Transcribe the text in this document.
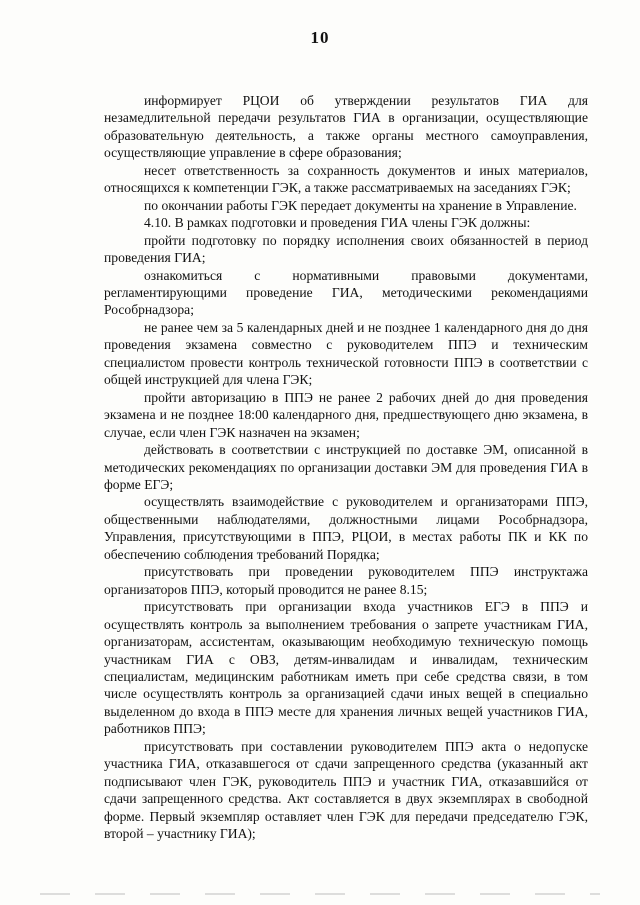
10

информирует РЦОИ об утверждении результатов ГИА для незамедлительной передачи результатов ГИА в организации, осуществляющие образовательную деятельность, а также органы местного самоуправления, осуществляющие управление в сфере образования;

несет ответственность за сохранность документов и иных материалов, относящихся к компетенции ГЭК, а также рассматриваемых на заседаниях ГЭК;

по окончании работы ГЭК передает документы на хранение в Управление.

4.10. В рамках подготовки и проведения ГИА члены ГЭК должны:

пройти подготовку по порядку исполнения своих обязанностей в период проведения ГИА;

ознакомиться с нормативными правовыми документами, регламентирующими проведение ГИА, методическими рекомендациями Рособрнадзора;

не ранее чем за 5 календарных дней и не позднее 1 календарного дня до дня проведения экзамена совместно с руководителем ППЭ и техническим специалистом провести контроль технической готовности ППЭ в соответствии с общей инструкцией для члена ГЭК;

пройти авторизацию в ППЭ не ранее 2 рабочих дней до дня проведения экзамена и не позднее 18:00 календарного дня, предшествующего дню экзамена, в случае, если член ГЭК назначен на экзамен;

действовать в соответствии с инструкцией по доставке ЭМ, описанной в методических рекомендациях по организации доставки ЭМ для проведения ГИА в форме ЕГЭ;

осуществлять взаимодействие с руководителем и организаторами ППЭ, общественными наблюдателями, должностными лицами Рособрнадзора, Управления, присутствующими в ППЭ, РЦОИ, в местах работы ПК и КК по обеспечению соблюдения требований Порядка;

присутствовать при проведении руководителем ППЭ инструктажа организаторов ППЭ, который проводится не ранее 8.15;

присутствовать при организации входа участников ЕГЭ в ППЭ и осуществлять контроль за выполнением требования о запрете участникам ГИА, организаторам, ассистентам, оказывающим необходимую техническую помощь участникам ГИА с ОВЗ, детям-инвалидам и инвалидам, техническим специалистам, медицинским работникам иметь при себе средства связи, в том числе осуществлять контроль за организацией сдачи иных вещей в специально выделенном до входа в ППЭ месте для хранения личных вещей участников ГИА, работников ППЭ;

присутствовать при составлении руководителем ППЭ акта о недопуске участника ГИА, отказавшегося от сдачи запрещенного средства (указанный акт подписывают член ГЭК, руководитель ППЭ и участник ГИА, отказавшийся от сдачи запрещенного средства. Акт составляется в двух экземплярах в свободной форме. Первый экземпляр оставляет член ГЭК для передачи председателю ГЭК, второй – участнику ГИА);
